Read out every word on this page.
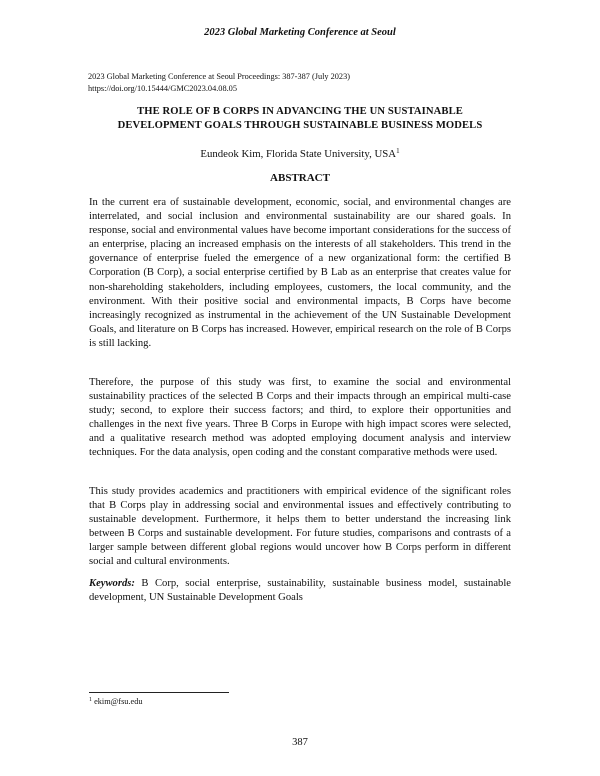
2023 Global Marketing Conference at Seoul
2023 Global Marketing Conference at Seoul Proceedings: 387-387 (July 2023)
https://doi.org/10.15444/GMC2023.04.08.05
THE ROLE OF B CORPS IN ADVANCING THE UN SUSTAINABLE
DEVELOPMENT GOALS THROUGH SUSTAINABLE BUSINESS MODELS
Eundeok Kim, Florida State University, USA$^1$
ABSTRACT

In the current era of sustainable development, economic, social, and environmental changes are interrelated, and social inclusion and environmental sustainability are our shared goals. In response, social and environmental values have become important considerations for the success of an enterprise, placing an increased emphasis on the interests of all stakeholders. This trend in the governance of enterprise fueled the emergence of a new organizational form: the certified B Corporation (B Corp), a social enterprise certified by B Lab as an enterprise that creates value for non-shareholding stakeholders, including employees, customers, the local community, and the environment. With their positive social and environmental impacts, B Corps have become increasingly recognized as instrumental in the achievement of the UN Sustainable Development Goals, and literature on B Corps has increased. However, empirical research on the role of B Corps is still lacking.

Therefore, the purpose of this study was first, to examine the social and environmental sustainability practices of the selected B Corps and their impacts through an empirical multi-case study; second, to explore their success factors; and third, to explore their opportunities and challenges in the next five years. Three B Corps in Europe with high impact scores were selected, and a qualitative research method was adopted employing document analysis and interview techniques. For the data analysis, open coding and the constant comparative methods were used.

This study provides academics and practitioners with empirical evidence of the significant roles that B Corps play in addressing social and environmental issues and effectively contributing to sustainable development. Furthermore, it helps them to better understand the increasing link between B Corps and sustainable development. For future studies, comparisons and contrasts of a larger sample between different global regions would uncover how B Corps perform in different social and cultural environments.

Keywords: B Corp, social enterprise, sustainability, sustainable business model, sustainable development, UN Sustainable Development Goals

$^1$ ekim@fsu.edu
387
